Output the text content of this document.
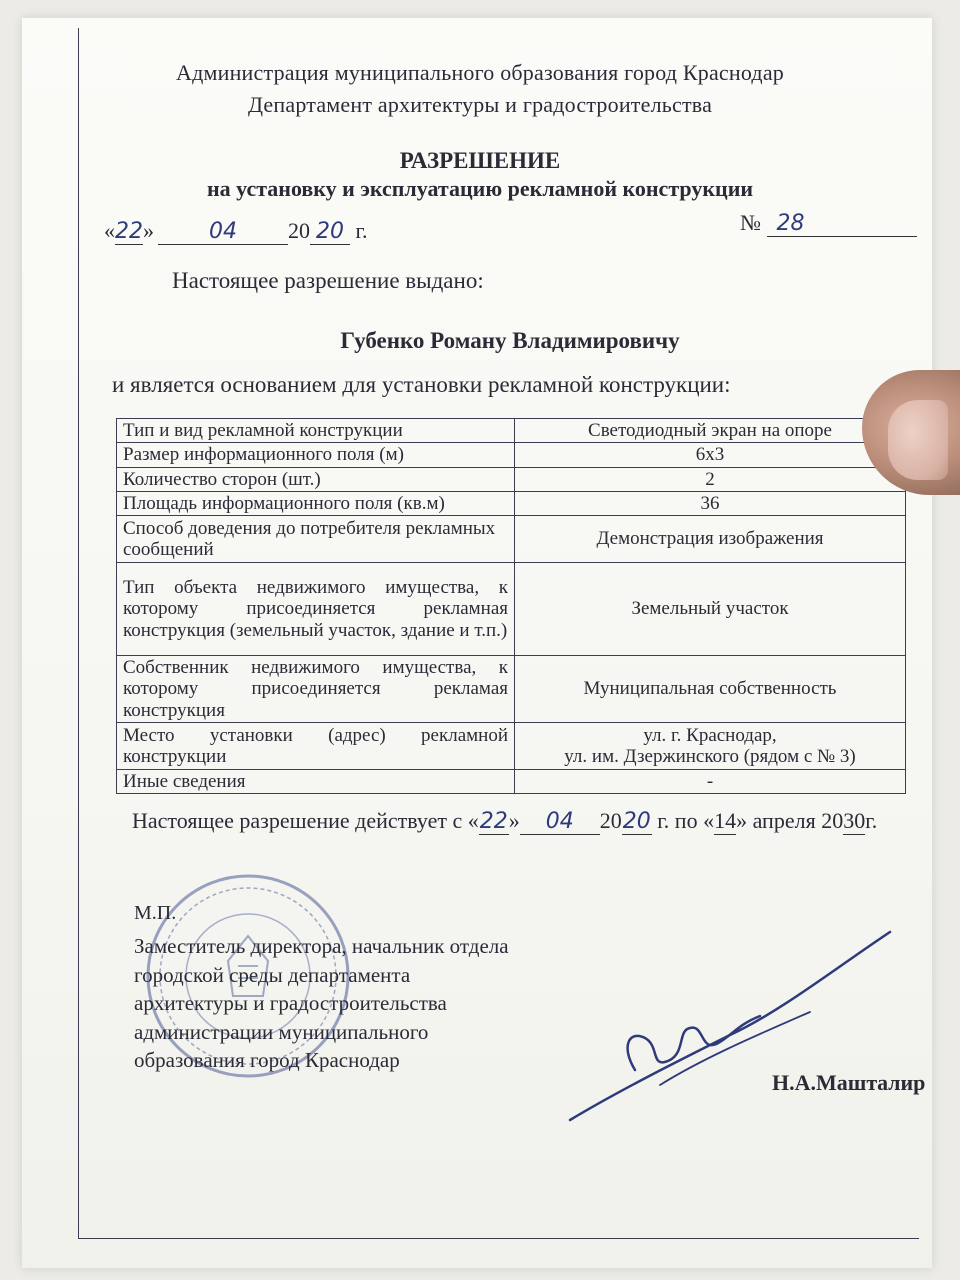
Администрация муниципального образования город Краснодар
Департамент архитектуры и градостроительства
РАЗРЕШЕНИЕ
на установку и эксплуатацию рекламной конструкции
«22»	04 20 20 г.	№ 28
Настоящее разрешение выдано:
Губенко Роману Владимировичу
и является основанием для установки рекламной конструкции:
Тип и вид рекламной конструкции	Светодиодный экран на опоре
Размер информационного поля (м)	6х3
Количество сторон (шт.)	2
Площадь информационного поля (кв.м)	36
Способ доведения до потребителя рекламных сообщений	Демонстрация изображения
Тип объекта недвижимого имущества, к которому присоединяется рекламная конструкция (земельный участок, здание и т.п.)	Земельный участок
Собственник недвижимого имущества, к которому присоединяется рекламая конструкция	Муниципальная собственность
Место установки (адрес) рекламной конструкции	ул. г. Краснодар,
ул. им. Дзержинского (рядом с № 3)

Иные сведения	-
Настоящее разрешение действует с «22» 04 2020 г. по «14» апреля 2030г.
М.П.
Заместитель директора, начальник отдела
городской среды департамента
архитектуры и градостроительства
администрации муниципального
образования город Краснодар
Н.А.Маштaлир
